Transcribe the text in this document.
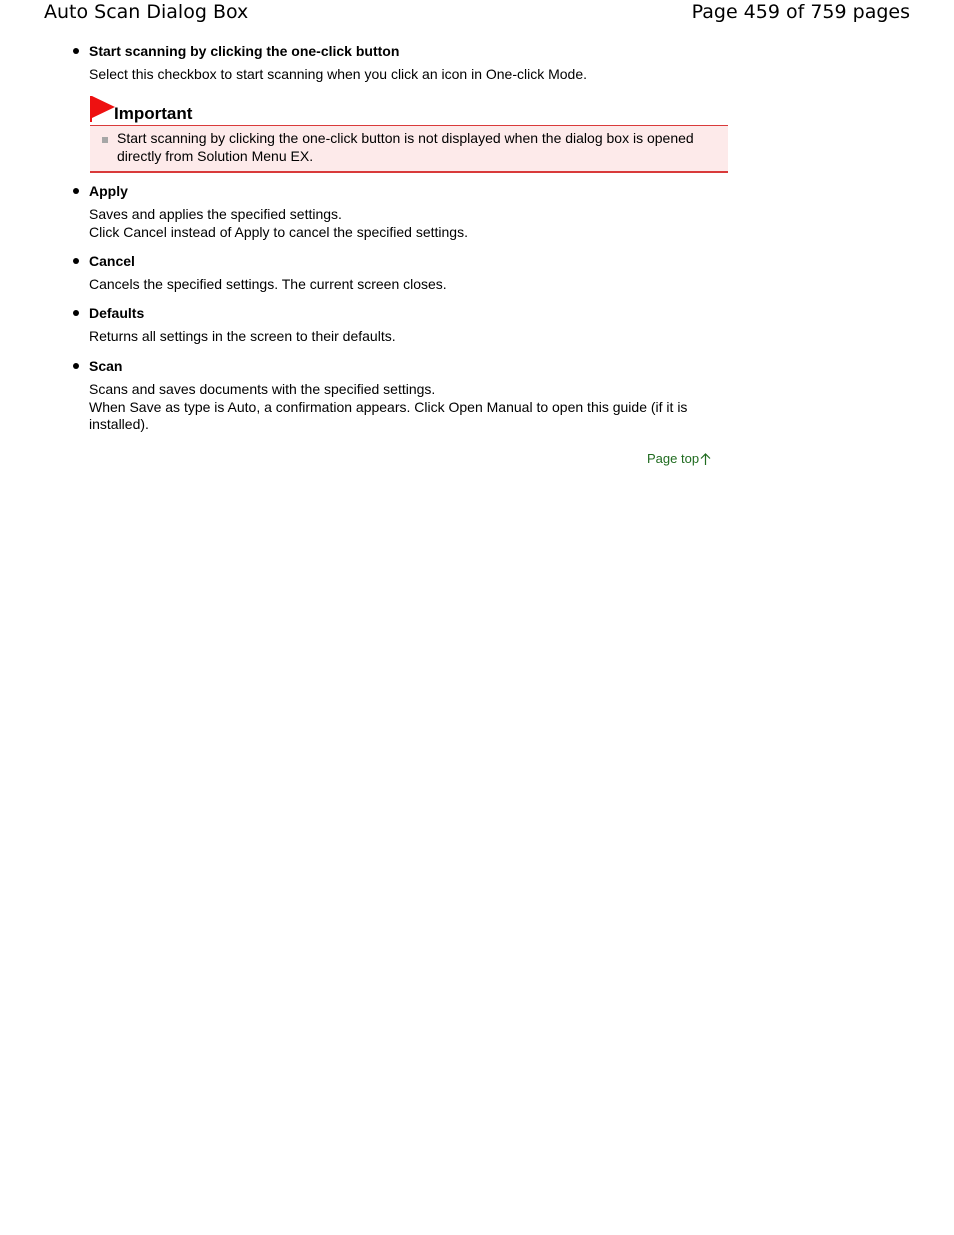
Auto Scan Dialog Box	Page 459 of 759 pages
Start scanning by clicking the one-click button
Select this checkbox to start scanning when you click an icon in One-click Mode.
Important
Start scanning by clicking the one-click button is not displayed when the dialog box is opened
directly from Solution Menu EX.
Apply
Saves and applies the specified settings.
Click Cancel instead of Apply to cancel the specified settings.
Cancel
Cancels the specified settings. The current screen closes.
Defaults
Returns all settings in the screen to their defaults.
Scan
Scans and saves documents with the specified settings.
When Save as type is Auto, a confirmation appears. Click Open Manual to open this guide (if it is
installed).
Page top
